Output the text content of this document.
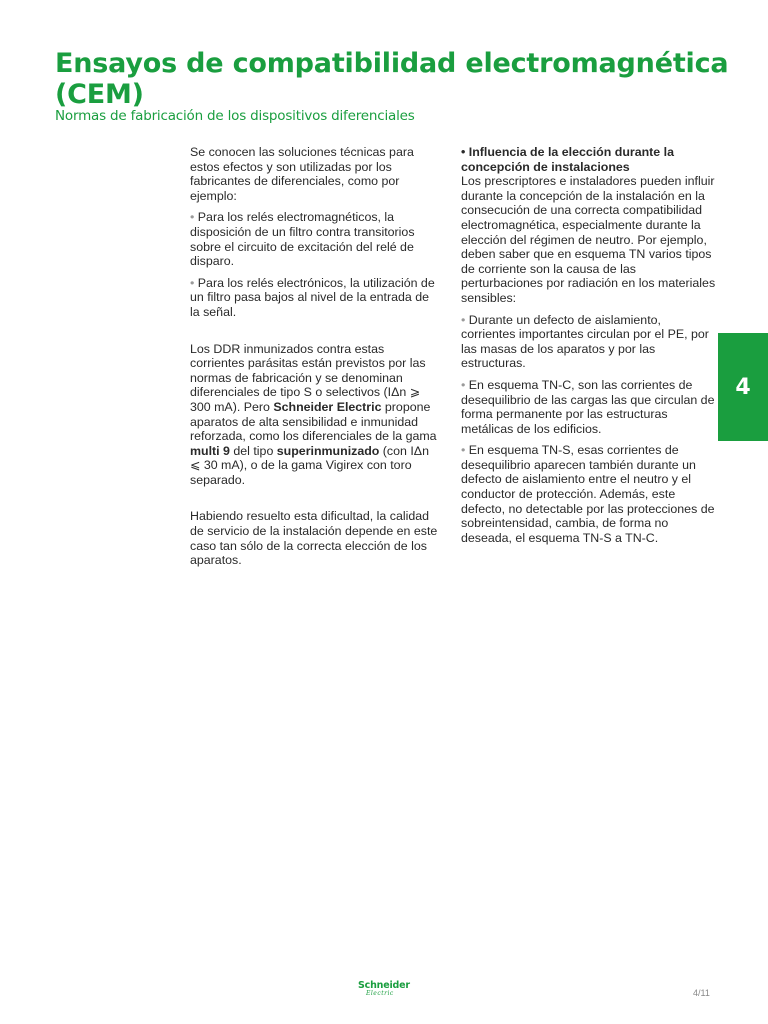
Ensayos de compatibilidad electromagnética (CEM)
Normas de fabricación de los dispositivos diferenciales

Se conocen las soluciones técnicas para estos efectos y son utilizadas por los fabricantes de diferenciales, como por ejemplo:

• Para los relés electromagnéticos, la disposición de un filtro contra transitorios sobre el circuito de excitación del relé de disparo.

• Para los relés electrónicos, la utilización de un filtro pasa bajos al nivel de la entrada de la señal.

Los DDR inmunizados contra estas corrientes parásitas están previstos por las normas de fabricación y se denominan diferenciales de tipo S o selectivos (IΔn ⩾ 300 mA). Pero Schneider Electric propone aparatos de alta sensibilidad e inmunidad reforzada, como los diferenciales de la gama multi 9 del tipo superinmunizado (con IΔn ⩽ 30 mA), o de la gama Vigirex con toro separado.

Habiendo resuelto esta dificultad, la calidad de servicio de la instalación depende en este caso tan sólo de la correcta elección de los aparatos.

• Influencia de la elección durante la concepción de instalaciones

Los prescriptores e instaladores pueden influir durante la concepción de la instalación en la consecución de una correcta compatibilidad electromagnética, especialmente durante la elección del régimen de neutro. Por ejemplo, deben saber que en esquema TN varios tipos de corriente son la causa de las perturbaciones por radiación en los materiales sensibles:

• Durante un defecto de aislamiento, corrientes importantes circulan por el PE, por las masas de los aparatos y por las estructuras.

• En esquema TN-C, son las corrientes de desequilibrio de las cargas las que circulan de forma permanente por las estructuras metálicas de los edificios.

• En esquema TN-S, esas corrientes de desequilibrio aparecen también durante un defecto de aislamiento entre el neutro y el conductor de protección. Además, este defecto, no detectable por las protecciones de sobreintensidad, cambia, de forma no deseada, el esquema TN-S a TN-C.

4
Schneider
Electric	4/11
